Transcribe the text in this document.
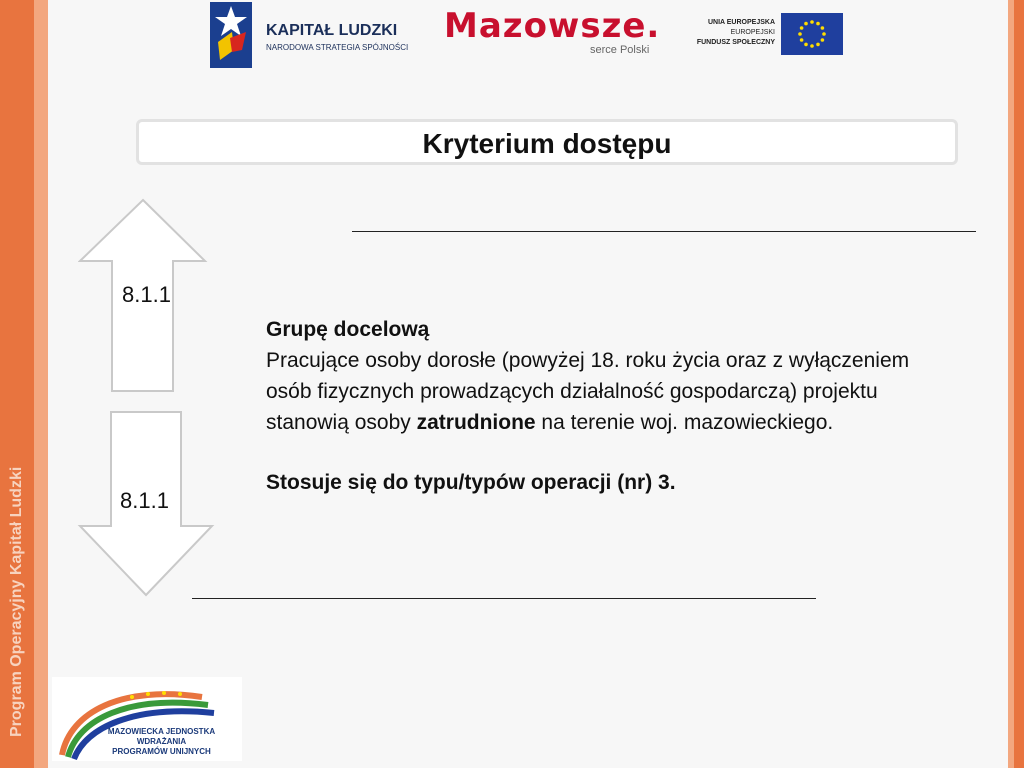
Program Operacyjny Kapitał Ludzki
KAPITAŁ LUDZKI
NARODOWA STRATEGIA SPÓJNOŚCI
Mazowsze.
serce Polski
UNIA EUROPEJSKA
EUROPEJSKI
FUNDUSZ SPOŁECZNY
Kryterium dostępu
8.1.1
8.1.1
Grupę docelową
Pracujące osoby dorosłe (powyżej 18. roku życia oraz z wyłączeniem osób fizycznych prowadzących działalność gospodarczą) projektu stanowią osoby zatrudnione na terenie woj. mazowieckiego.
Stosuje się do typu/typów operacji (nr) 3.
MAZOWIECKA JEDNOSTKA
WDRAŻANIA
PROGRAMÓW UNIJNYCH
